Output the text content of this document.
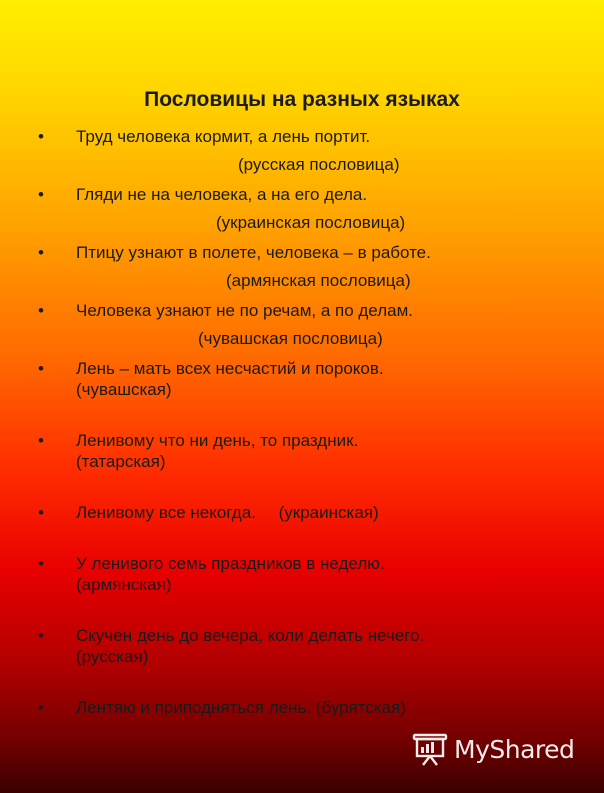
Пословицы на разных языках
• Труд человека кормит, а лень портит.
(русская пословица)
• Гляди не на человека, а на его дела.
(украинская пословица)
• Птицу узнают в полете, человека – в работе.
(армянская пословица)
• Человека узнают не по речам, а по делам.
(чувашская пословица)
• Лень – мать всех несчастий и пороков.
(чувашская)
• Ленивому что ни день, то праздник.
(татарская)
• Ленивому все некогда. (украинская)
• У ленивого семь праздников в неделю.
(армянская)
• Скучен день до вечера, коли делать нечего.
(русская)
• Лентяю и приподняться лень. (бурятская)
MyShared
